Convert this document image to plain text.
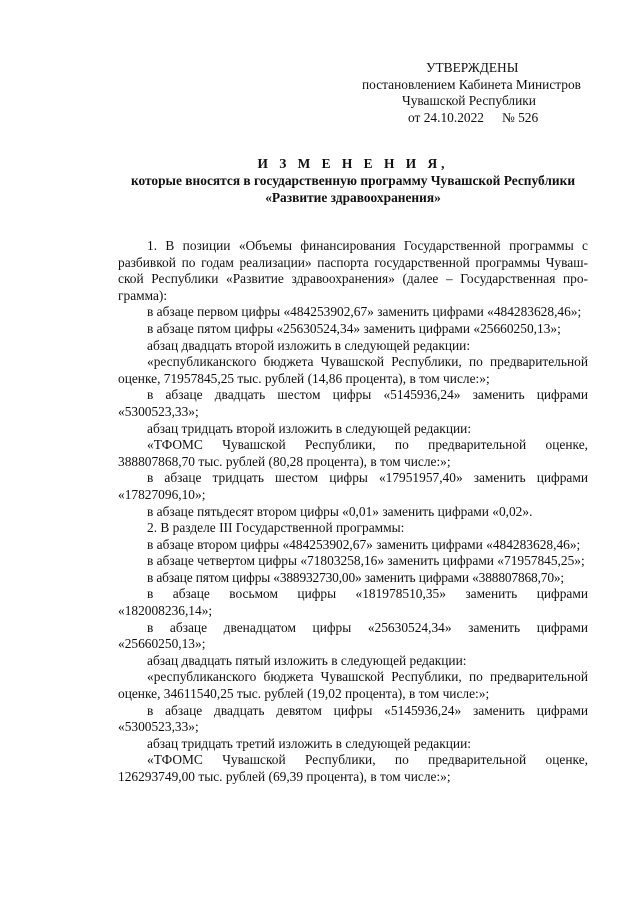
УТВЕРЖДЕНЫ
постановлением Кабинета Министров
Чувашской Республики
от 24.10.2022 № 526
И З М Е Н Е Н И Я,
которые вносятся в государственную программу Чувашской Республики
«Развитие здравоохранения»

1. В позиции «Объемы финансирования Государственной программы с разбивкой по годам реализации» паспорта государственной программы Чувашской Республики «Развитие здравоохранения» (далее – Государственная программа):

в абзаце первом цифры «484253902,67» заменить цифрами «484283628,46»;

в абзаце пятом цифры «25630524,34» заменить цифрами «25660250,13»;

абзац двадцать второй изложить в следующей редакции:

«республиканского бюджета Чувашской Республики, по предварительной оценке, 71957845,25 тыс. рублей (14,86 процента), в том числе:»;

в абзаце двадцать шестом цифры «5145936,24» заменить цифрами «5300523,33»;

абзац тридцать второй изложить в следующей редакции:

«ТФОМС Чувашской Республики, по предварительной оценке, 388807868,70 тыс. рублей (80,28 процента), в том числе:»;

в абзаце тридцать шестом цифры «17951957,40» заменить цифрами «17827096,10»;

в абзаце пятьдесят втором цифры «0,01» заменить цифрами «0,02».

2. В разделе III Государственной программы:

в абзаце втором цифры «484253902,67» заменить цифрами «484283628,46»;

в абзаце четвертом цифры «71803258,16» заменить цифрами «71957845,25»;

в абзаце пятом цифры «388932730,00» заменить цифрами «388807868,70»;

в абзаце восьмом цифры «181978510,35» заменить цифрами «182008236,14»;

в абзаце двенадцатом цифры «25630524,34» заменить цифрами «25660250,13»;

абзац двадцать пятый изложить в следующей редакции:

«республиканского бюджета Чувашской Республики, по предварительной оценке, 34611540,25 тыс. рублей (19,02 процента), в том числе:»;

в абзаце двадцать девятом цифры «5145936,24» заменить цифрами «5300523,33»;

абзац тридцать третий изложить в следующей редакции:

«ТФОМС Чувашской Республики, по предварительной оценке, 126293749,00 тыс. рублей (69,39 процента), в том числе:»;
